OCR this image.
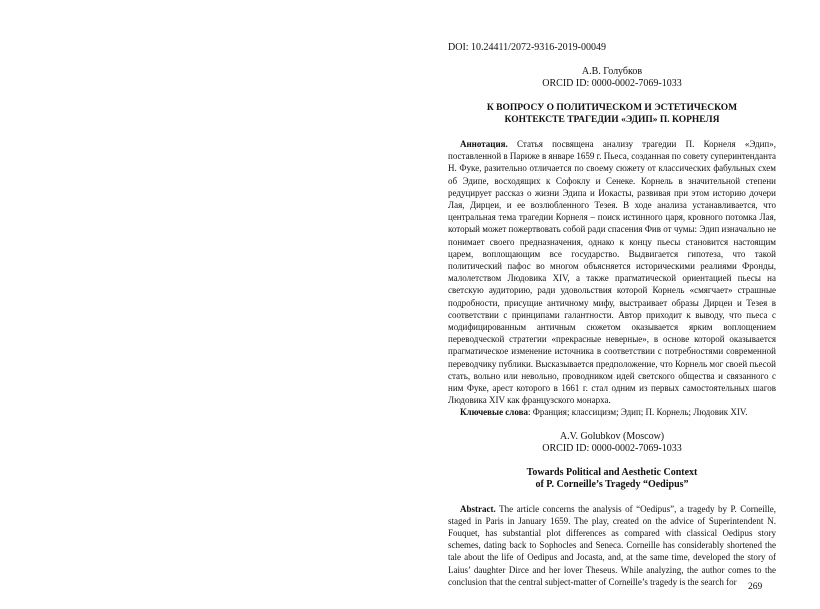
DOI: 10.24411/2072-9316-2019-00049
А.В. Голубков
ORCID ID: 0000-0002-7069-1033
К ВОПРОСУ О ПОЛИТИЧЕСКОМ И ЭСТЕТИЧЕСКОМ
КОНТЕКСТЕ ТРАГЕДИИ «ЭДИП» П. КОРНЕЛЯ

Аннотация. Статья посвящена анализу трагедии П. Корнеля «Эдип», поставленной в Париже в январе 1659 г. Пьеса, созданная по совету суперинтенданта Н. Фуке, разительно отличается по своему сюжету от классических фабульных схем об Эдипе, восходящих к Софоклу и Сенеке. Корнель в значительной степени редуцирует рассказ о жизни Эдипа и Иокасты, развивая при этом историю дочери Лая, Дирцеи, и ее возлюбленного Тезея. В ходе анализа устанавливается, что центральная тема трагедии Корнеля – поиск истинного царя, кровного потомка Лая, который может пожертвовать собой ради спасения Фив от чумы: Эдип изначально не понимает своего предназначения, однако к концу пьесы становится настоящим царем, воплощающим все государство. Выдвигается гипотеза, что такой политический пафос во многом объясняется историческими реалиями Фронды, малолетством Людовика XIV, а также прагматической ориентацией пьесы на светскую аудиторию, ради удовольствия которой Корнель «смягчает» страшные подробности, присущие античному мифу, выстраивает образы Дирцеи и Тезея в соответствии с принципами галантности. Автор приходит к выводу, что пьеса с модифицированным античным сюжетом оказывается ярким воплощением переводческой стратегии «прекрасные неверные», в основе которой оказывается прагматическое изменение источника в соответствии с потребностями современной переводчику публики. Высказывается предположение, что Корнель мог своей пьесой стать, вольно или невольно, проводником идей светского общества и связанного с ним Фуке, арест которого в 1661 г. стал одним из первых самостоятельных шагов Людовика XIV как французского монарха.

Ключевые слова: Франция; классицизм; Эдип; П. Корнель; Людовик XIV.

A.V. Golubkov (Moscow)
ORCID ID: 0000-0002-7069-1033
Towards Political and Aesthetic Context
of P. Corneille’s Tragedy “Oedipus”

Abstract. The article concerns the analysis of “Oedipus”, a tragedy by P. Corneille, staged in Paris in January 1659. The play, created on the advice of Superintendent N. Fouquet, has substantial plot differences as compared with classical Oedipus story schemes, dating back to Sophocles and Seneca. Corneille has considerably shortened the tale about the life of Oedipus and Jocasta, and, at the same time, developed the story of Laius’ daughter Dirce and her lover Theseus. While analyzing, the author comes to the conclusion that the central subject-matter of Corneille’s tragedy is the search for

269
